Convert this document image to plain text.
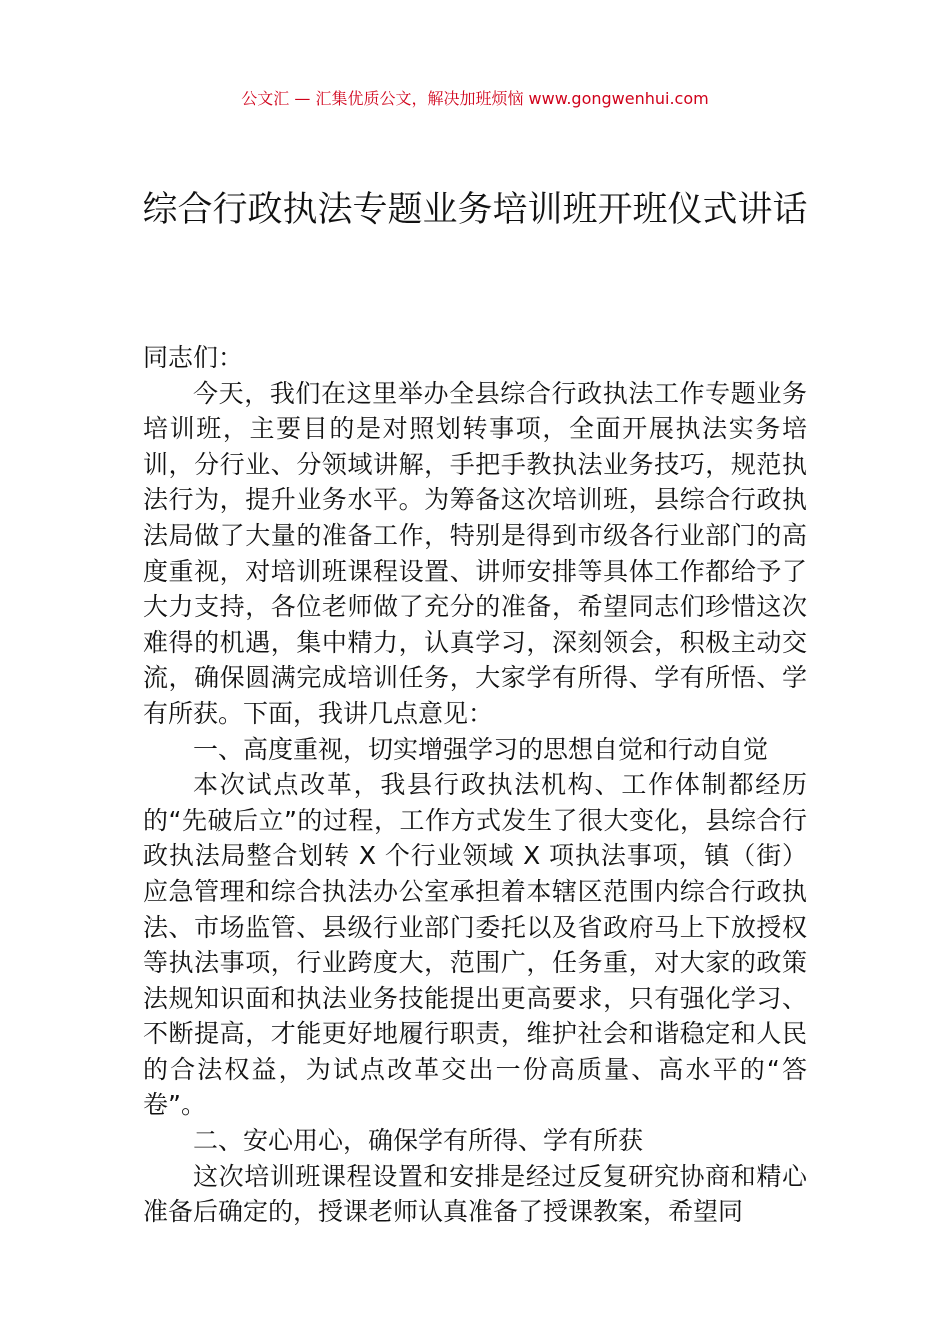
公文汇 — 汇集优质公文，解决加班烦恼 www.gongwenhui.com
综合行政执法专题业务培训班开班仪式讲话

同志们：

今天，我们在这里举办全县综合行政执法工作专题业务培训班，主要目的是对照划转事项，全面开展执法实务培训，分行业、分领域讲解，手把手教执法业务技巧，规范执法行为，提升业务水平。为筹备这次培训班，县综合行政执法局做了大量的准备工作，特别是得到市级各行业部门的高度重视，对培训班课程设置、讲师安排等具体工作都给予了大力支持，各位老师做了充分的准备，希望同志们珍惜这次难得的机遇，集中精力，认真学习，深刻领会，积极主动交流，确保圆满完成培训任务，大家学有所得、学有所悟、学有所获。下面，我讲几点意见：

一、高度重视，切实增强学习的思想自觉和行动自觉

本次试点改革，我县行政执法机构、工作体制都经历的“先破后立”的过程，工作方式发生了很大变化，县综合行政执法局整合划转 X 个行业领域 X 项执法事项，镇（街）应急管理和综合执法办公室承担着本辖区范围内综合行政执法、市场监管、县级行业部门委托以及省政府马上下放授权等执法事项，行业跨度大，范围广，任务重，对大家的政策法规知识面和执法业务技能提出更高要求，只有强化学习、不断提高，才能更好地履行职责，维护社会和谐稳定和人民的合法权益，为试点改革交出一份高质量、高水平的“答卷”。

二、安心用心，确保学有所得、学有所获

这次培训班课程设置和安排是经过反复研究协商和精心准备后确定的，授课老师认真准备了授课教案，希望同
